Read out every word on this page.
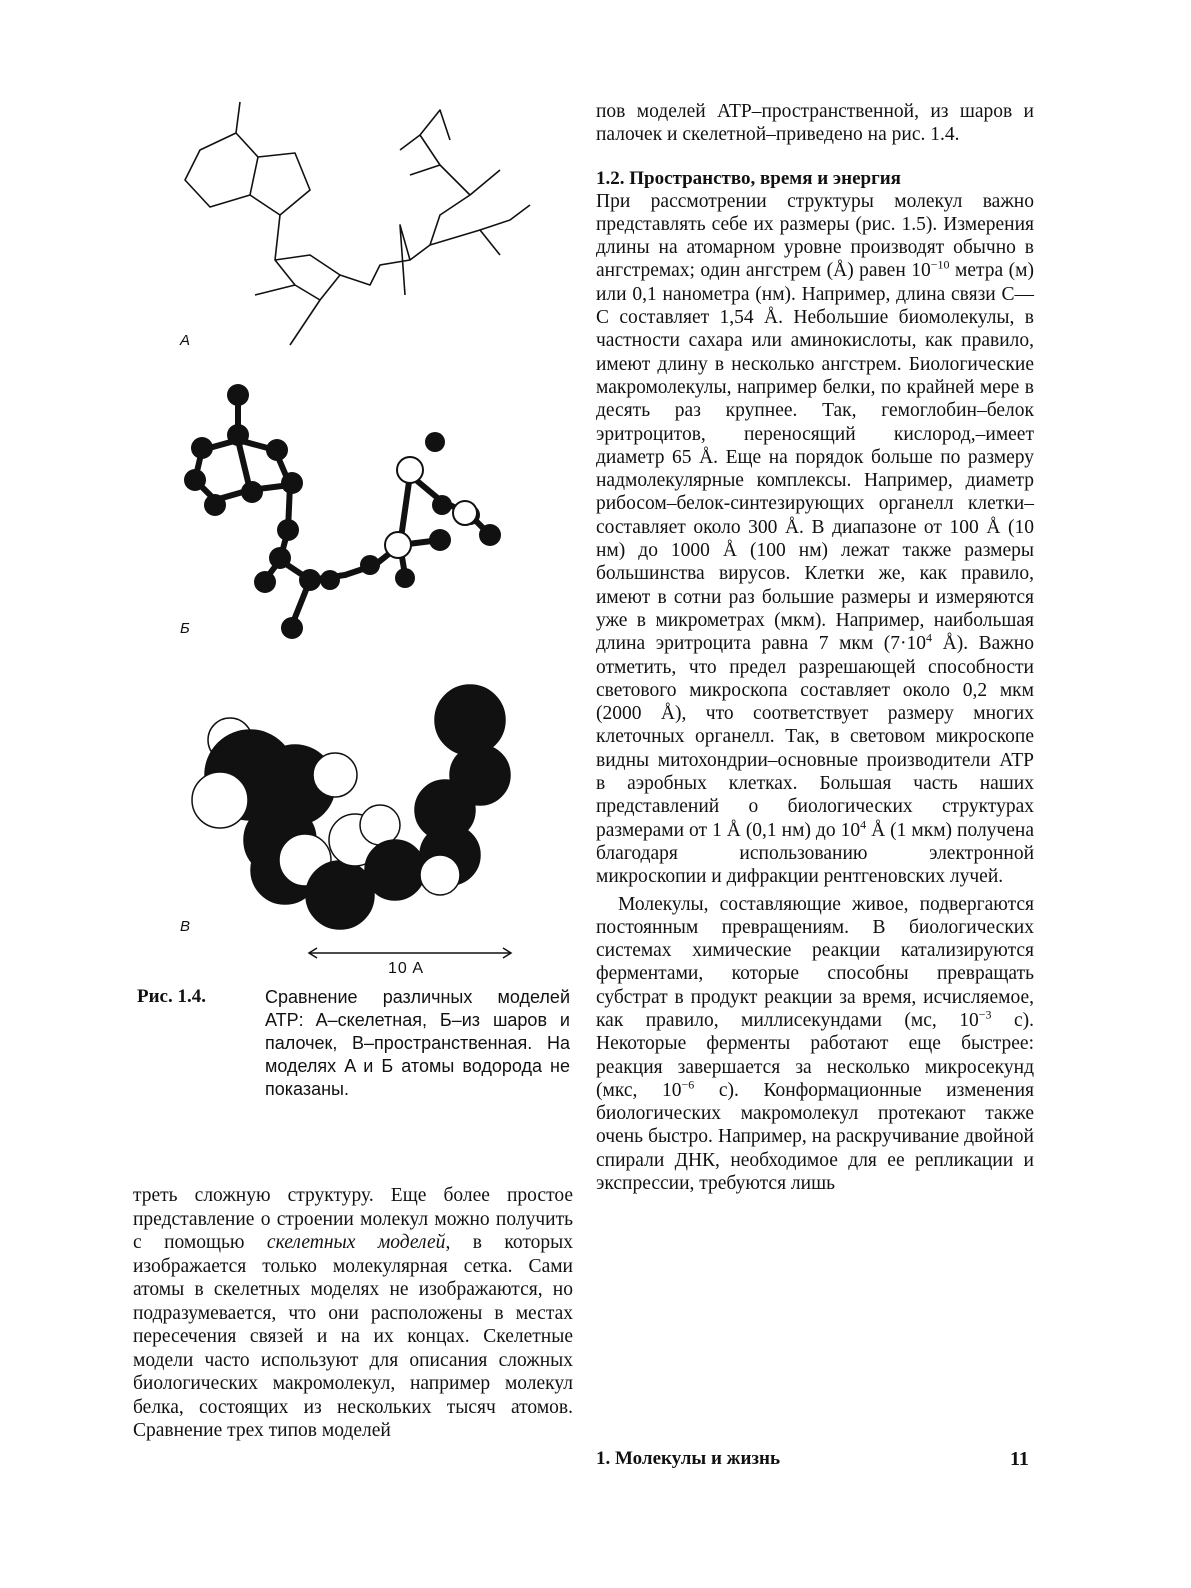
A
Б
B
10 A
Рис. 1.4.	Сравнение различных моделей ATP: A–скелетная, Б–из шаров и палочек, B–пространственная. На моделях A и Б атомы водорода не показаны.
треть сложную структуру. Еще более простое представление о строении молекул можно получить с помощью скелетных моделей, в которых изображается только молекулярная сетка. Сами атомы в скелетных моделях не изображаются, но подразумевается, что они расположены в местах пересечения связей и на их концах. Скелетные модели часто используют для описания сложных биологических макромолекул, например молекул белка, состоящих из нескольких тысяч атомов. Сравнение трех типов моделей

пов моделей ATP–пространственной, из шаров и палочек и скелетной–приведено на рис. 1.4.

1.2. Пространство, время и энергия

При рассмотрении структуры молекул важно представлять себе их размеры (рис. 1.5). Измерения длины на атомарном уровне производят обычно в ангстремах; один ангстрем (Å) равен $10^{-10}$ метра (м) или 0,1 нанометра (нм). Например, длина связи С—С составляет 1,54 Å. Небольшие биомолекулы, в частности сахара или аминокислоты, как правило, имеют длину в несколько ангстрем. Биологические макромолекулы, например белки, по крайней мере в десять раз крупнее. Так, гемоглобин–белок эритроцитов, переносящий кислород,–имеет диаметр 65 Å. Еще на порядок больше по размеру надмолекулярные комплексы. Например, диаметр рибосом–белок-синтезирующих органелл клетки–составляет около 300 Å. В диапазоне от 100 Å (10 нм) до 1000 Å (100 нм) лежат также размеры большинства вирусов. Клетки же, как правило, имеют в сотни раз большие размеры и измеряются уже в микрометрах (мкм). Например, наибольшая длина эритроцита равна 7 мкм ($7\cdot 10^4$ Å). Важно отметить, что предел разрешающей способности светового микроскопа составляет около 0,2 мкм (2000 Å), что соответствует размеру многих клеточных органелл. Так, в световом микроскопе видны митохондрии–основные производители ATP в аэробных клетках. Большая часть наших представлений о биологических структурах размерами от 1 Å (0,1 нм) до $10^4$ Å (1 мкм) получена благодаря использованию электронной микроскопии и дифракции рентгеновских лучей.

Молекулы, составляющие живое, подвергаются постоянным превращениям. В биологических системах химические реакции катализируются ферментами, которые способны превращать субстрат в продукт реакции за время, исчисляемое, как правило, миллисекундами (мс, $10^{-3}$ с). Некоторые ферменты работают еще быстрее: реакция завершается за несколько микросекунд (мкс, $10^{-6}$ с). Конформационные изменения биологических макромолекул протекают также очень быстро. Например, на раскручивание двойной спирали ДНК, необходимое для ее репликации и экспрессии, требуются лишь

1. Молекулы и жизнь	11
